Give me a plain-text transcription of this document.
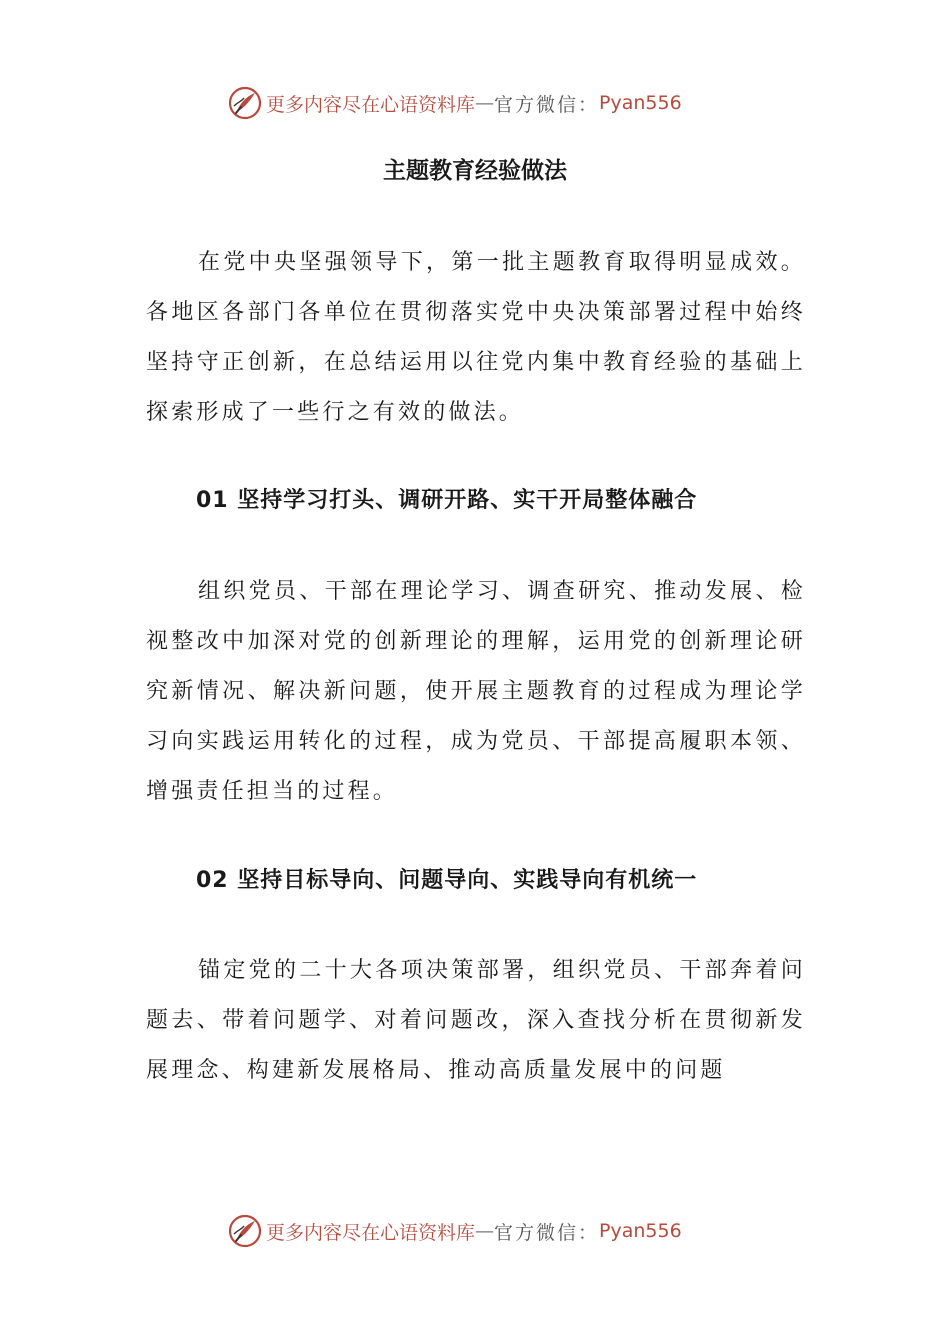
更多内容尽在心语资料库 — 官方微信： Pyan556
主题教育经验做法

在党中央坚强领导下，第一批主题教育取得明显成效。各地区各部门各单位在贯彻落实党中央决策部署过程中始终坚持守正创新，在总结运用以往党内集中教育经验的基础上探索形成了一些行之有效的做法。

01 坚持学习打头、调研开路、实干开局整体融合

组织党员、干部在理论学习、调查研究、推动发展、检视整改中加深对党的创新理论的理解，运用党的创新理论研究新情况、解决新问题，使开展主题教育的过程成为理论学习向实践运用转化的过程，成为党员、干部提高履职本领、增强责任担当的过程。

02 坚持目标导向、问题导向、实践导向有机统一

锚定党的二十大各项决策部署，组织党员、干部奔着问题去、带着问题学、对着问题改，深入查找分析在贯彻新发展理念、构建新发展格局、推动高质量发展中的问题

更多内容尽在心语资料库 — 官方微信： Pyan556
